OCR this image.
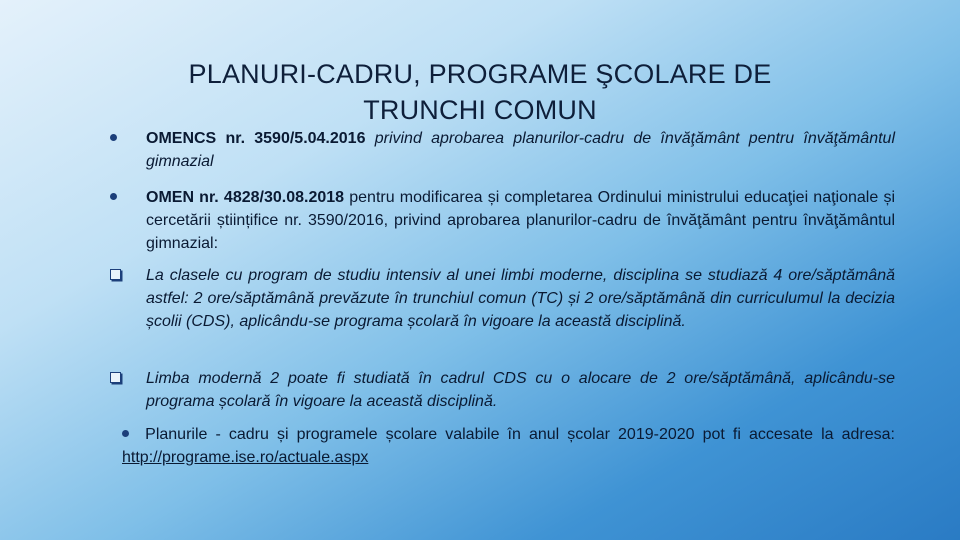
PLANURI-CADRU, PROGRAME ŞCOLARE DE
TRUNCHI COMUN
OMENCS nr. 3590/5.04.2016 privind aprobarea planurilor-cadru de învăţământ pentru învăţământul gimnazial
OMEN nr. 4828/30.08.2018 pentru modificarea și completarea Ordinului ministrului educaţiei naţionale și cercetării științifice nr. 3590/2016, privind aprobarea planurilor-cadru de învăţământ pentru învăţământul gimnazial:
La clasele cu program de studiu intensiv al unei limbi moderne, disciplina se studiază 4 ore/săptămână astfel: 2 ore/săptămână prevăzute în trunchiul comun (TC) și 2 ore/săptămână din curriculumul la decizia școlii (CDS), aplicându-se programa școlară în vigoare la această disciplină.
Limba modernă 2 poate fi studiată în cadrul CDS cu o alocare de 2 ore/săptămână, aplicându-se programa școlară în vigoare la această disciplină.
Planurile - cadru și programele școlare valabile în anul școlar 2019-2020 pot fi accesate la adresa: http://programe.ise.ro/actuale.aspx
